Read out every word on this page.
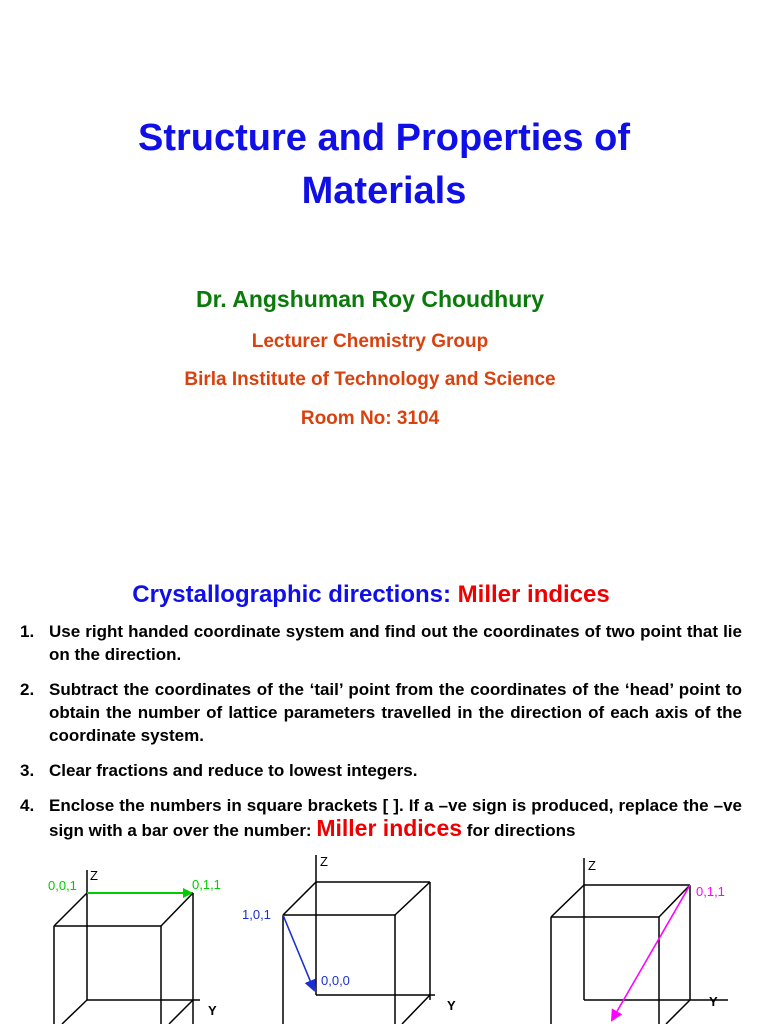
Structure and Properties of
Materials
Dr. Angshuman Roy Choudhury
Lecturer Chemistry Group
Birla Institute of Technology and Science
Room No: 3104
Crystallographic directions: Miller indices
1. Use right handed coordinate system and find out the coordinates of two point that lie on the direction.
2. Subtract the coordinates of the ‘tail’ point from the coordinates of the ‘head’ point to obtain the number of lattice parameters travelled in the direction of each axis of the coordinate system.
3. Clear fractions and reduce to lowest integers.
4. Enclose the numbers in square brackets [ ]. If a –ve sign is produced, replace the –ve sign with a bar over the number: Miller indices for directions
Z
Y
0,0,1	0,1,1
Z
Y
1,0,1
0,0,0
Z
Y
0,1,1
